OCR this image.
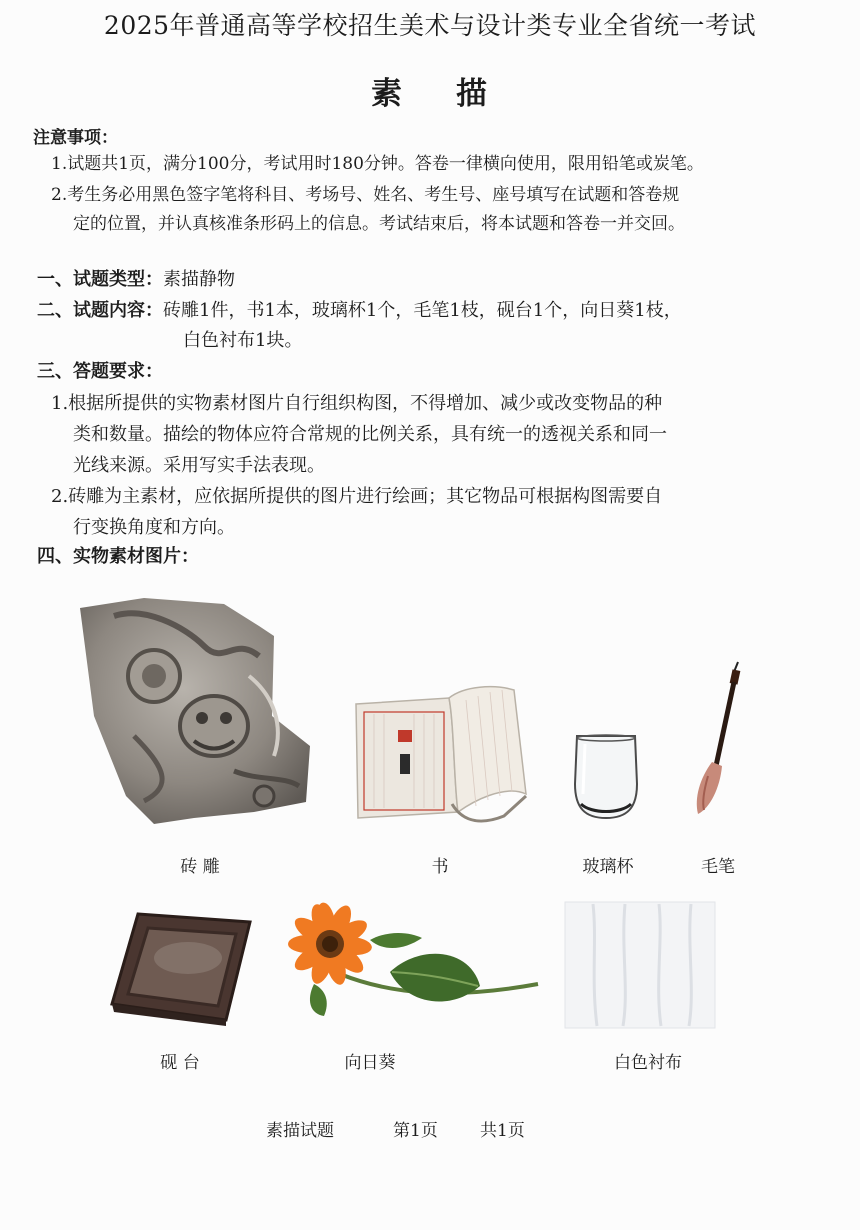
2025年普通高等学校招生美术与设计类专业全省统一考试
素 描
注意事项：
1.试题共1页，满分100分，考试用时180分钟。答卷一律横向使用，限用铅笔或炭笔。
2.考生务必用黑色签字笔将科目、考场号、姓名、考生号、座号填写在试题和答卷规
定的位置，并认真核准条形码上的信息。考试结束后，将本试题和答卷一并交回。
一、试题类型：素描静物
二、试题内容：砖雕1件，书1本，玻璃杯1个，毛笔1枝，砚台1个，向日葵1枝，
白色衬布1块。
三、答题要求：
1.根据所提供的实物素材图片自行组织构图，不得增加、减少或改变物品的种
类和数量。描绘的物体应符合常规的比例关系，具有统一的透视关系和同一
光线来源。采用写实手法表现。
2.砖雕为主素材，应依据所提供的图片进行绘画；其它物品可根据构图需要自
行变换角度和方向。
四、实物素材图片：
砖 雕	书	玻璃杯	毛笔
砚 台	向日葵	白色衬布
素描试题	第1页 共1页
